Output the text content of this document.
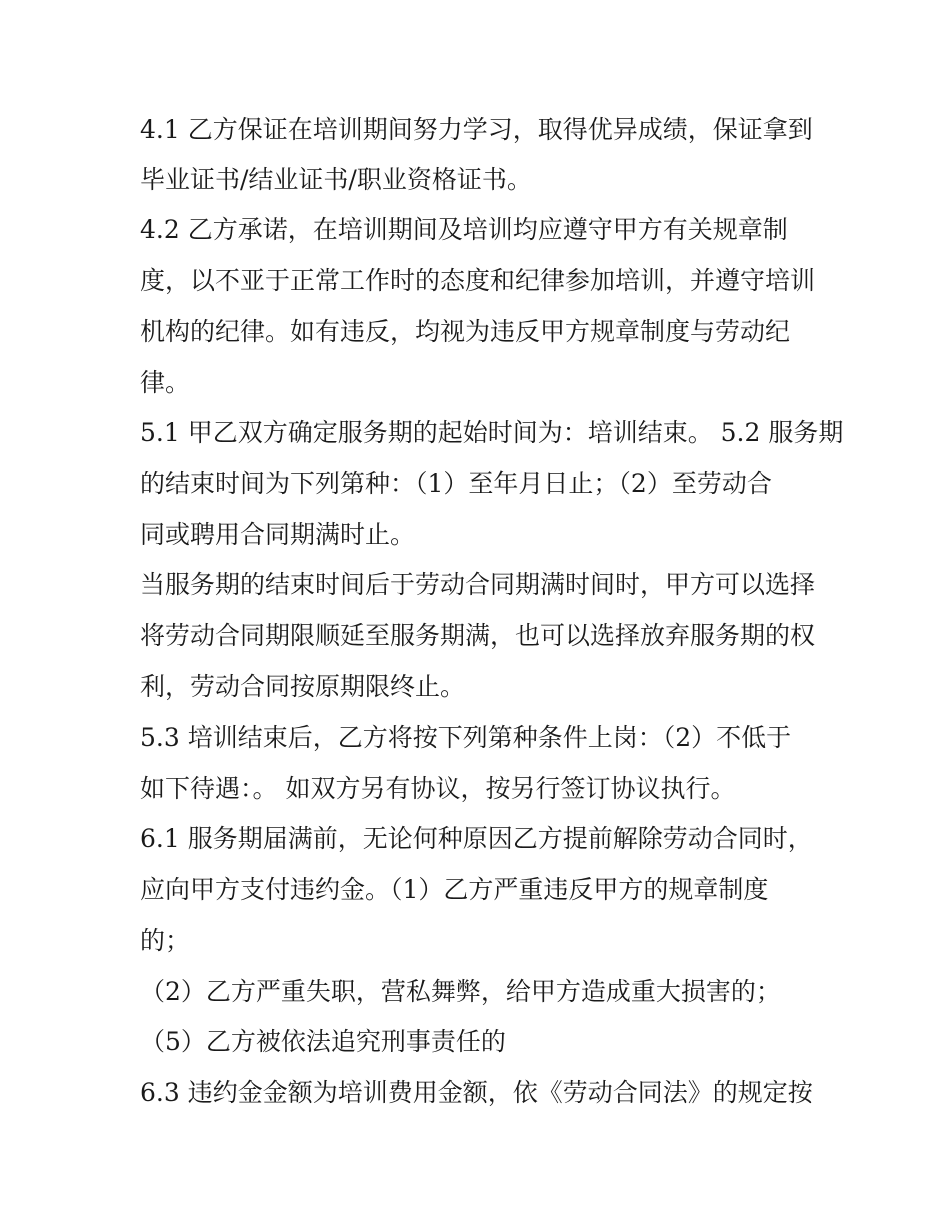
4.1 乙方保证在培训期间努力学习，取得优异成绩，保证拿到
毕业证书/结业证书/职业资格证书。
4.2 乙方承诺，在培训期间及培训均应遵守甲方有关规章制
度，以不亚于正常工作时的态度和纪律参加培训，并遵守培训
机构的纪律。如有违反，均视为违反甲方规章制度与劳动纪
律。
5.1 甲乙双方确定服务期的起始时间为：培训结束。 5.2 服务期
的结束时间为下列第种：（1）至年月日止；（2）至劳动合
同或聘用合同期满时止。
当服务期的结束时间后于劳动合同期满时间时，甲方可以选择
将劳动合同期限顺延至服务期满，也可以选择放弃服务期的权
利，劳动合同按原期限终止。
5.3 培训结束后，乙方将按下列第种条件上岗：（2）不低于
如下待遇：。 如双方另有协议，按另行签订协议执行。
6.1 服务期届满前，无论何种原因乙方提前解除劳动合同时，
应向甲方支付违约金。（1）乙方严重违反甲方的规章制度
的；
（2）乙方严重失职，营私舞弊，给甲方造成重大损害的；
（5）乙方被依法追究刑事责任的
6.3 违约金金额为培训费用金额，依《劳动合同法》的规定按
